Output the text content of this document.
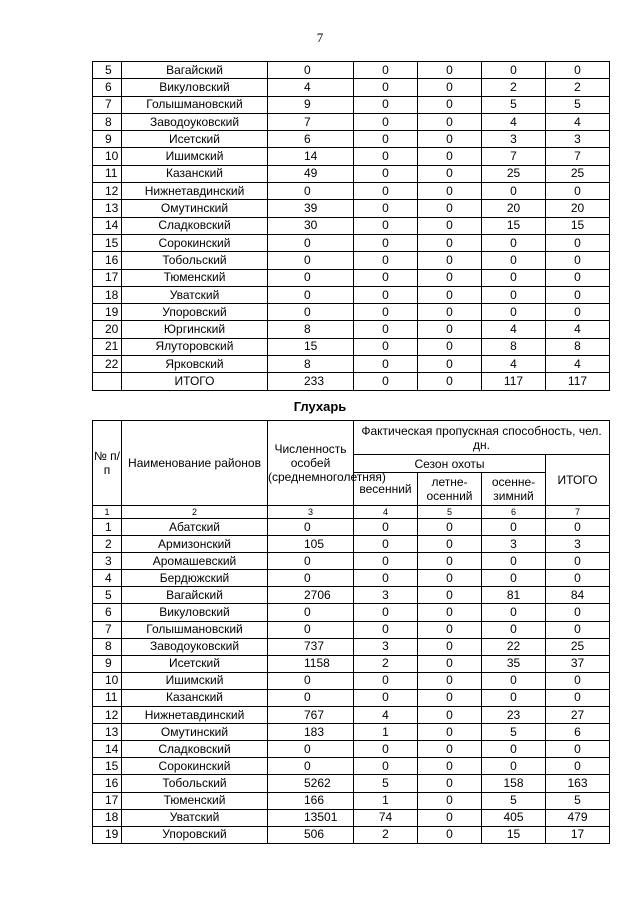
7
5	Вагайский	0	0	0	0	0
6	Викуловский	4	0	0	2	2
7	Голышмановский	9	0	0	5	5
8	Заводоуковский	7	0	0	4	4
9	Исетский	6	0	0	3	3
10	Ишимский	14	0	0	7	7
11	Казанский	49	0	0	25	25
12	Нижнетавдинский	0	0	0	0	0
13	Омутинский	39	0	0	20	20
14	Сладковский	30	0	0	15	15
15	Сорокинский	0	0	0	0	0
16	Тобольский	0	0	0	0	0
17	Тюменский	0	0	0	0	0
18	Уватский	0	0	0	0	0
19	Упоровский	0	0	0	0	0
20	Юргинский	8	0	0	4	4
21	Ялуторовский	15	0	0	8	8
22	Ярковский	8	0	0	4	4
	ИТОГО	233	0	0	117	117
Глухарь
№ п/п	Наименование районов	Численность особей (среднемноголетняя)	Фактическая пропускная способность, чел. дн.			
			Сезон охоты			ИТОГО
			весенний	летне-осенний	осенне-зимний	
1	2	3	4	5	6	7
1	Абатский	0	0	0	0	0
2	Армизонский	105	0	0	3	3
3	Аромашевский	0	0	0	0	0
4	Бердюжский	0	0	0	0	0
5	Вагайский	2706	3	0	81	84
6	Викуловский	0	0	0	0	0
7	Голышмановский	0	0	0	0	0
8	Заводоуковский	737	3	0	22	25
9	Исетский	1158	2	0	35	37
10	Ишимский	0	0	0	0	0
11	Казанский	0	0	0	0	0
12	Нижнетавдинский	767	4	0	23	27
13	Омутинский	183	1	0	5	6
14	Сладковский	0	0	0	0	0
15	Сорокинский	0	0	0	0	0
16	Тобольский	5262	5	0	158	163
17	Тюменский	166	1	0	5	5
18	Уватский	13501	74	0	405	479
19	Упоровский	506	2	0	15	17
